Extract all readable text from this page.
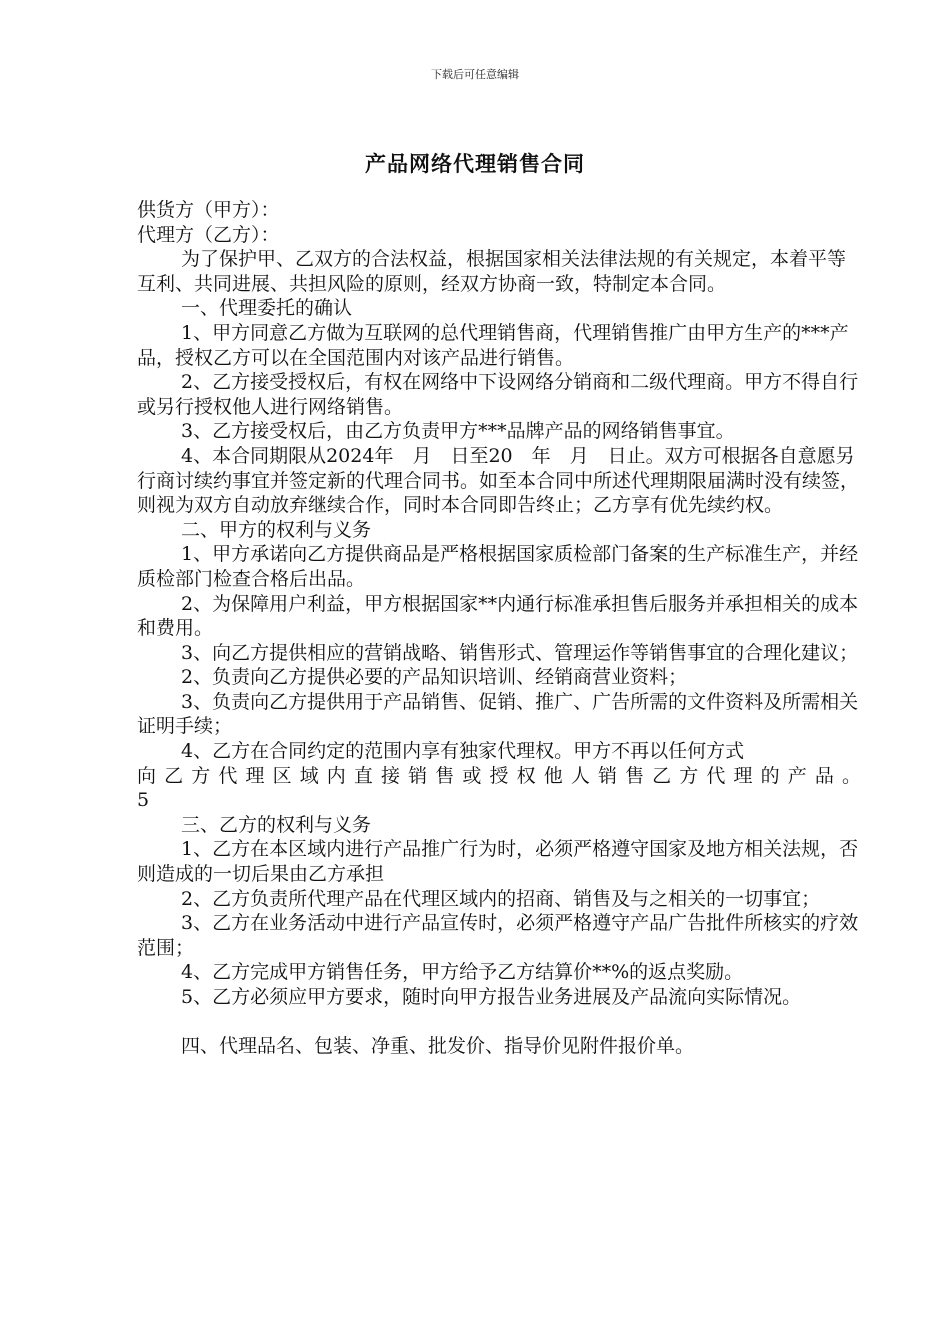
下载后可任意编辑
产品网络代理销售合同

供货方（甲方）：

代理方（乙方）：

为了保护甲、乙双方的合法权益，根据国家相关法律法规的有关规定，本着平等互利、共同进展、共担风险的原则，经双方协商一致，特制定本合同。

一、代理委托的确认

1、甲方同意乙方做为互联网的总代理销售商，代理销售推广由甲方生产的***产品，授权乙方可以在全国范围内对该产品进行销售。

2、乙方接受授权后，有权在网络中下设网络分销商和二级代理商。甲方不得自行或另行授权他人进行网络销售。

3、乙方接受权后，由乙方负责甲方***品牌产品的网络销售事宜。

4、本合同期限从2024年　月　日至20　年　月　日止。双方可根据各自意愿另行商讨续约事宜并签定新的代理合同书。如至本合同中所述代理期限届满时没有续签，则视为双方自动放弃继续合作，同时本合同即告终止；乙方享有优先续约权。

二、甲方的权利与义务

1、甲方承诺向乙方提供商品是严格根据国家质检部门备案的生产标准生产，并经质检部门检查合格后出品。

2、为保障用户利益，甲方根据国家**内通行标准承担售后服务并承担相关的成本和费用。

3、向乙方提供相应的营销战略、销售形式、管理运作等销售事宜的合理化建议；

2、负责向乙方提供必要的产品知识培训、经销商营业资料；

3、负责向乙方提供用于产品销售、促销、推广、广告所需的文件资料及所需相关证明手续；

4、乙方在合同约定的范围内享有独家代理权。甲方不再以任何方式

向乙方代理区域内直接销售或授权他人销售乙方代理的产品。

5

三、乙方的权利与义务

1、乙方在本区域内进行产品推广行为时，必须严格遵守国家及地方相关法规，否则造成的一切后果由乙方承担

2、乙方负责所代理产品在代理区域内的招商、销售及与之相关的一切事宜；

3、乙方在业务活动中进行产品宣传时，必须严格遵守产品广告批件所核实的疗效范围；

4、乙方完成甲方销售任务，甲方给予乙方结算价**%的返点奖励。

5、乙方必须应甲方要求，随时向甲方报告业务进展及产品流向实际情况。

四、代理品名、包装、净重、批发价、指导价见附件报价单。
